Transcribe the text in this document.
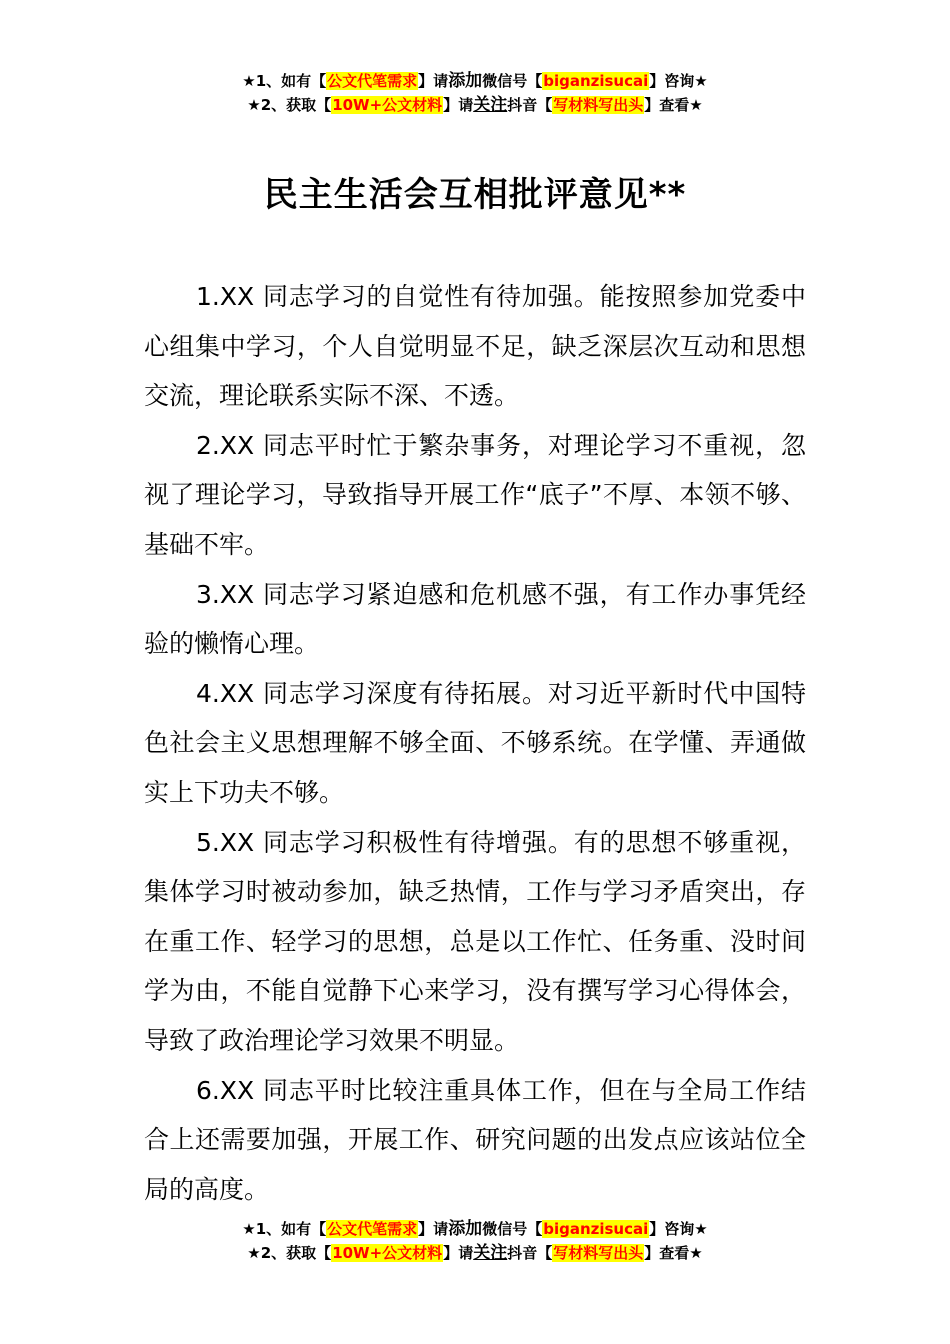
★1、如有【公文代笔需求】请添加微信号【biganzisucai】咨询★
★2、获取【10W+公文材料】请关注抖音【写材料写出头】查看★
民主生活会互相批评意见**

1.XX 同志学习的自觉性有待加强。能按照参加党委中心组集中学习，个人自觉明显不足，缺乏深层次互动和思想交流，理论联系实际不深、不透。

2.XX 同志平时忙于繁杂事务，对理论学习不重视，忽视了理论学习，导致指导开展工作“底子”不厚、本领不够、基础不牢。

3.XX 同志学习紧迫感和危机感不强，有工作办事凭经验的懒惰心理。

4.XX 同志学习深度有待拓展。对习近平新时代中国特色社会主义思想理解不够全面、不够系统。在学懂、弄通做实上下功夫不够。

5.XX 同志学习积极性有待增强。有的思想不够重视，集体学习时被动参加，缺乏热情，工作与学习矛盾突出，存在重工作、轻学习的思想，总是以工作忙、任务重、没时间学为由，不能自觉静下心来学习，没有撰写学习心得体会，导致了政治理论学习效果不明显。

6.XX 同志平时比较注重具体工作，但在与全局工作结合上还需要加强，开展工作、研究问题的出发点应该站位全局的高度。

★1、如有【公文代笔需求】请添加微信号【biganzisucai】咨询★
★2、获取【10W+公文材料】请关注抖音【写材料写出头】查看★
